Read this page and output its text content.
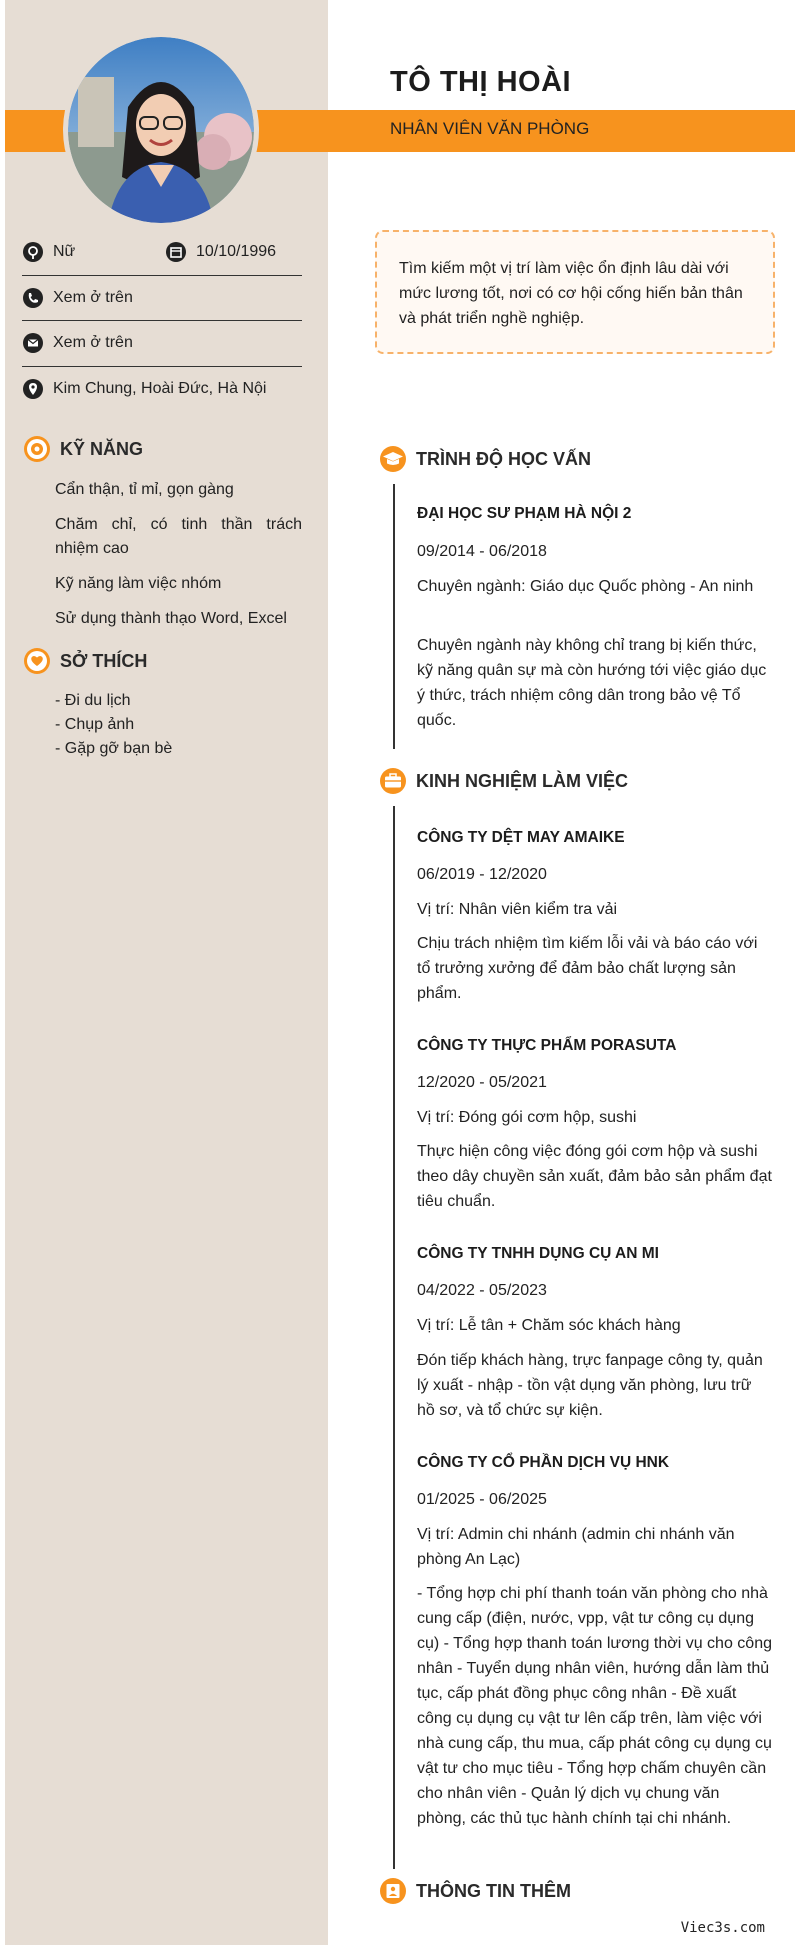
TÔ THỊ HOÀI
NHÂN VIÊN VĂN PHÒNG
Nữ	10/10/1996
Xem ở trên
Xem ở trên
Kim Chung, Hoài Đức, Hà Nội
KỸ NĂNG
Cẩn thận, tỉ mỉ, gọn gàng
Chăm chỉ, có tinh thần trách nhiệm cao
Kỹ năng làm việc nhóm
Sử dụng thành thạo Word, Excel
SỞ THÍCH
- Đi du lịch
- Chụp ảnh
- Gặp gỡ bạn bè
Tìm kiếm một vị trí làm việc ổn định lâu dài với mức lương tốt, nơi có cơ hội cống hiến bản thân và phát triển nghề nghiệp.
TRÌNH ĐỘ HỌC VẤN
ĐẠI HỌC SƯ PHẠM HÀ NỘI 2
09/2014 - 06/2018
Chuyên ngành: Giáo dục Quốc phòng - An ninh
Chuyên ngành này không chỉ trang bị kiến thức, kỹ năng quân sự mà còn hướng tới việc giáo dục ý thức, trách nhiệm công dân trong bảo vệ Tổ quốc.
KINH NGHIỆM LÀM VIỆC
CÔNG TY DỆT MAY AMAIKE
06/2019 - 12/2020
Vị trí: Nhân viên kiểm tra vải
Chịu trách nhiệm tìm kiếm lỗi vải và báo cáo với tổ trưởng xưởng để đảm bảo chất lượng sản phẩm.
CÔNG TY THỰC PHẨM PORASUTA
12/2020 - 05/2021
Vị trí: Đóng gói cơm hộp, sushi
Thực hiện công việc đóng gói cơm hộp và sushi theo dây chuyền sản xuất, đảm bảo sản phẩm đạt tiêu chuẩn.
CÔNG TY TNHH DỤNG CỤ AN MI
04/2022 - 05/2023
Vị trí: Lễ tân + Chăm sóc khách hàng
Đón tiếp khách hàng, trực fanpage công ty, quản lý xuất - nhập - tồn vật dụng văn phòng, lưu trữ hồ sơ, và tổ chức sự kiện.
CÔNG TY CỔ PHẦN DỊCH VỤ HNK
01/2025 - 06/2025
Vị trí: Admin chi nhánh (admin chi nhánh văn phòng An Lạc)
- Tổng hợp chi phí thanh toán văn phòng cho nhà cung cấp (điện, nước, vpp, vật tư công cụ dụng cụ) - Tổng hợp thanh toán lương thời vụ cho công nhân - Tuyển dụng nhân viên, hướng dẫn làm thủ tục, cấp phát đồng phục công nhân - Đề xuất công cụ dụng cụ vật tư lên cấp trên, làm việc với nhà cung cấp, thu mua, cấp phát công cụ dụng cụ vật tư cho mục tiêu - Tổng hợp chấm chuyên cần cho nhân viên - Quản lý dịch vụ chung văn phòng, các thủ tục hành chính tại chi nhánh.
THÔNG TIN THÊM
Viec3s.com
